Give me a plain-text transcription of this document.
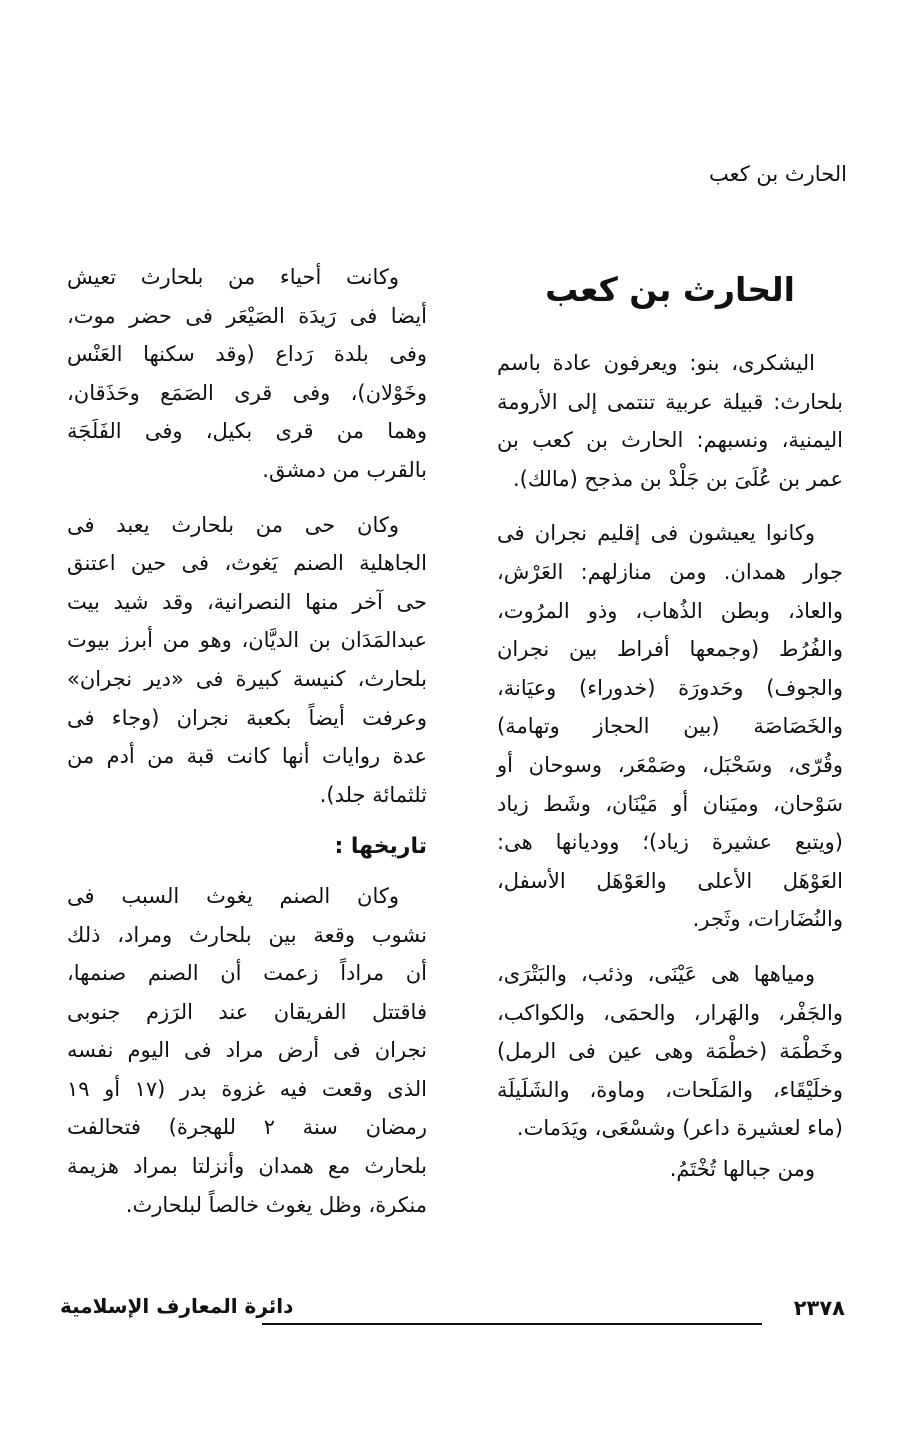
الحارث بن كعب
الحارث بن كعب

اليشكرى، بنو: ويعرفون عادة باسم
بلحارث: قبيلة عربية تنتمى إلى الأرومة
اليمنية، ونسبهم: الحارث بن كعب بن
عمر بن عُلَىَ بن جَلْدْ بن مذجح (مالك).

وكانوا يعيشون فى إقليم نجران فى
جوار همدان. ومن منازلهم: العَرْش،
والعاذ، وبطن الذُهاب، وذو المرُوت،
والفُرُط (وجمعها أفراط بين نجران
والجوف) وحَدورَة (خدوراء) وعيَانة،
والخَصَاصَة (بين الحجاز وتهامة)
وقُرّى، وسَحْبَل، وصَمْعَر، وسوحان أو
سَوْحان، وميَنان أو مَيْنَان، وشَط زياد
(ويتبع عشيرة زياد)؛ ووديانها هى:
العَوْهَل الأعلى والعَوْهَل الأسفل،
والنُضَارات، وثَجر.

ومياهها هى عَيْنَى، وذئب، والبَتْرَى،
والجَفْر، والهَرار، والحمَى، والكواكب،
وخَطْمَة (خطْمَة وهى عين فى الرمل)
وخلَيْقَاء، والمَلَحات، وماوة، والشَلَيلَة
(ماء لعشيرة داعر) وشسْعَى، ويَدَمات.

ومن جبالها تُخْتَمُ.

وكانت أحياء من بلحارث تعيش
أيضا فى رَيدَة الصَيْعَر فى حضر موت،
وفى بلدة رَداع (وقد سكنها العَنْس
وخَوْلان)، وفى قرى الصَمَع وحَذَقان،
وهما من قرى بكيل، وفى الفَلَجَة
بالقرب من دمشق.

وكان حى من بلحارث يعبد فى
الجاهلية الصنم يَغوث، فى حين اعتنق
حى آخر منها النصرانية، وقد شيد بيت
عبدالمَدَان بن الديَّان، وهو من أبرز بيوت
بلحارث، كنيسة كبيرة فى «دير نجران»
وعرفت أيضاً بكعبة نجران (وجاء فى
عدة روايات أنها كانت قبة من أدم من
ثلثمائة جلد).

تاريخها :

وكان الصنم يغوث السبب فى
نشوب وقعة بين بلحارث ومراد، ذلك
أن مراداً زعمت أن الصنم صنمها،
فاقتتل الفريقان عند الرَزم جنوبى
نجران فى أرض مراد فى اليوم نفسه
الذى وقعت فيه غزوة بدر (١٧ أو ١٩
رمضان سنة ٢ للهجرة) فتحالفت
بلحارث مع همدان وأنزلتا بمراد هزيمة
منكرة، وظل يغوث خالصاً لبلحارث.

٢٣٧٨
دائرة المعارف الإسلامية
